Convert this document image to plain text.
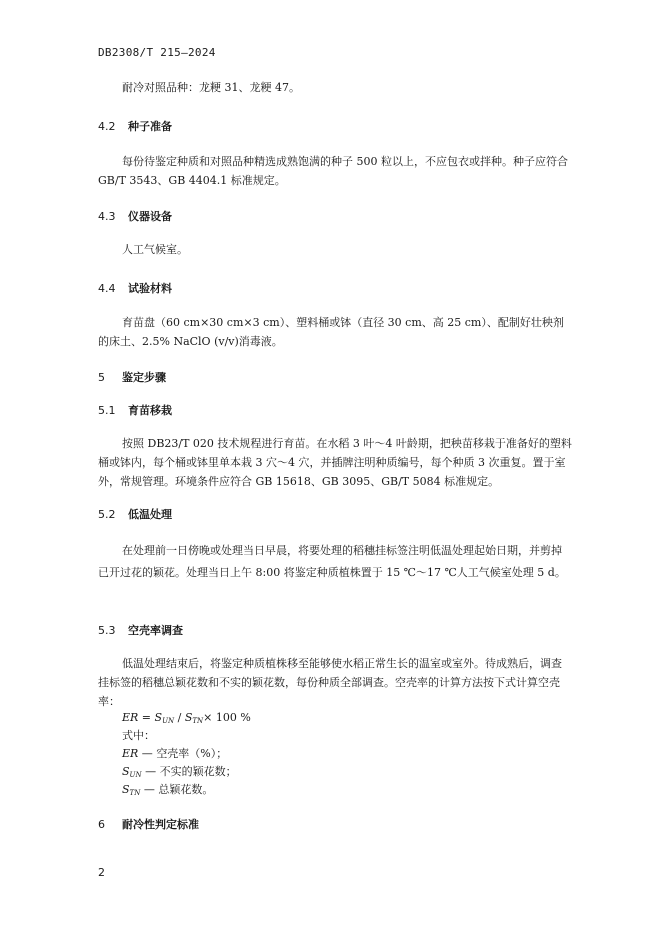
DB2308/T 215—2024
耐冷对照品种：龙粳 31、龙粳 47。
4.2 种子准备
每份待鉴定种质和对照品种精选成熟饱满的种子 500 粒以上，不应包衣或拌种。种子应符合 GB/T 3543、GB 4404.1 标准规定。
4.3 仪器设备
人工气候室。
4.4 试验材料
育苗盘（60 cm×30 cm×3 cm）、塑料桶或钵（直径 30 cm、高 25 cm）、配制好壮秧剂的床土、2.5% NaClO (v/v)消毒液。
5 鉴定步骤
5.1 育苗移栽
按照 DB23/T 020 技术规程进行育苗。在水稻 3 叶～4 叶龄期，把秧苗移栽于准备好的塑料桶或钵内，每个桶或钵里单本栽 3 穴～4 穴，并插牌注明种质编号，每个种质 3 次重复。置于室外，常规管理。环境条件应符合 GB 15618、GB 3095、GB/T 5084 标准规定。
5.2 低温处理
在处理前一日傍晚或处理当日早晨，将要处理的稻穗挂标签注明低温处理起始日期，并剪掉已开过花的颖花。处理当日上午 8:00 将鉴定种质植株置于 15 ℃～17 ℃人工气候室处理 5 d。
5.3 空壳率调查
低温处理结束后，将鉴定种质植株移至能够使水稻正常生长的温室或室外。待成熟后，调查挂标签的稻穗总颖花数和不实的颖花数，每份种质全部调查。空壳率的计算方法按下式计算空壳率：
ER = $S_{UN} / S_{TN}\times 100$ %
式中：
ER — 空壳率（%）；
$S_{UN}$ — 不实的颖花数；
$S_{TN}$ — 总颖花数。
6 耐冷性判定标准
2
